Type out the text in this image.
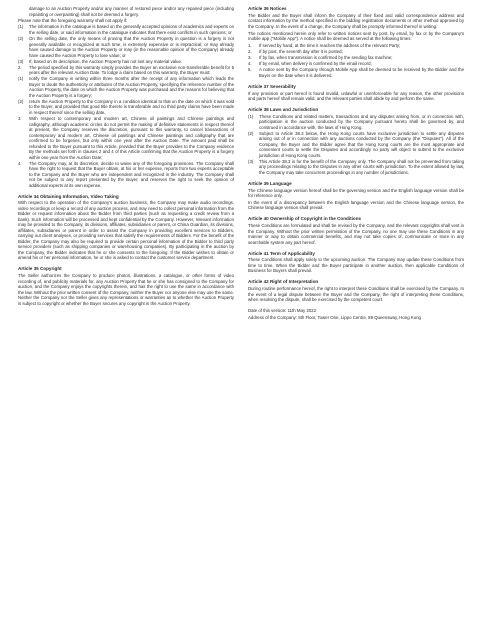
damage to an Auction Property and/or any manner of restored piece and/or any repaired piece (including repainting or overpainting) shall not be deemed a forgery.

Please note that the foregoing warranty shall not apply if:

(1)	The information in the catalogue is based on the generally accepted opinions of academics and experts on the selling date, or said information in the catalogue indicates that there exist conflicts in such opinions; or
(2)	On the selling date, the only means of proving that the Auction Property in question is a forgery is not generally available or recognized at such time, is extremely expensive or is impractical; or may already have caused damage to the Auction Property or may (in the reasonable opinion of the Company) already have caused the Auction Property to lose value; or
(3)	If, based on its description, the Auction Property has not lost any material value.
2.	The period specified by this warranty simply provides the Buyer an exclusive non-transferable benefit for 5 years after the relevant Auction Date. To lodge a claim based on this warranty, the Buyer must:
(1)	notify the Company in writing within three months after the receipt of any information which leads the Buyer to doubt the authenticity or attributes of the Auction Property, specifying the reference number of the Auction Property, the date on which the Auction Property was purchased and the reasons for believing that the Auction Property is a forgery;
(2)	return the Auction Property to the Company in a condition identical to that on the date on which it was sold to the Buyer, and provided that good title thereto is transferable and no third party claims have been made in respect thereof since the selling date.
3.	With respect to contemporary and modern art, Chinese oil paintings and Chinese paintings and calligraphy, although academic circles do not permit the making of definitive statements in respect thereof at present, the Company reserves the discretion, pursuant to this warranty, to cancel transactions of contemporary and modern art, Chinese oil paintings and Chinese paintings and calligraphy that are confirmed to be forgeries, but only within one year after the Auction Date. The amount paid shall be refunded to the Buyer pursuant to this Article, provided that the Buyer provides to the Company evidence By the methods set forth in clauses 2 and 4 of this Article confirming that the Auction Property is a forgery within one year from the Auction Date;
4.	The Company may, at its discretion, decide to waive any of the foregoing provisions. The Company shall have the right to request that the Buyer obtain, at his or her expense, reports from two experts acceptable to the Company and the Buyer who are independent and recognized in the industry. The Company shall not be subject to any report presented by the Buyer, and reserves the right to seek the opinion of additional experts at its own expense.
Article 34 Obtaining Information, Video Taking

With respect to the operation of the Company's auction business, the Company may make audio recordings, video recordings or keep a record of any auction process, and may need to collect personal information from the Bidder or request information about the Bidder from third parties (such as requesting a credit review from a bank). Such information will be processed and kept confidential by the Company. However, relevant information may be provided to the Company, its divisions, affiliates, subsidiaries or parent, or China Guardian, its divisions, affiliates, subsidiaries or parent in order to assist the Company in providing excellent services to Bidders, carrying out client analyses, or providing services that satisfy the requirements of Bidders. For the benefit of the Bidder, the Company may also be required to provide certain personal information of the Bidder to third party service providers (such as shipping companies or warehousing companies). By participating in the auction by the Company, the Bidder indicates that he or she consents to the foregoing. If the Bidder wishes to obtain or amend his or her personal information, he or she is asked to contact the customer service department.

Article 35 Copyright

The Seller authorizes the Company to produce photos, illustrations, a catalogue, or other forms of video recording of, and publicity materials for, any Auction Property that he or she has consigned to the Company for auction, and the Company enjoys the copyrights therein, and has the right to use the same in accordance with the law. Without the prior written consent of the Company, neither the Buyer nor anyone else may use the same. Neither the Company nor the Seller gives any representations or warranties as to whether the Auction Property is subject to copyright or whether the Buyer secures any copyright in the Auction Property.

Article 36 Notices

The Bidder and the Buyer shall inform the Company of their fixed and valid correspondence address and contact information by the method specified in the bidding registration documents or other method approved by the Company. In the event of a change, the Company shall be promptly informed thereof in writing.

The notices mentioned herein only refer to written notices sent by post, by email, by fax or by the Company's mobile app ("Mobile App"). A notice shall be deemed as served at the following times:

1.	If served by hand, at the time it reaches the address of the relevant Party;
2.	If by post, the seventh day after it is posted;
3.	If by fax, when transmission is confirmed by the sending fax machine;
4.	If by email, when delivery is confirmed by the email record;
5.	A notice sent by the Company through Mobile App shall be deemed to be received by the Bidder and the Buyer on the date when it is delivered.
Article 37 Severability

If any provision or part hereof is found invalid, unlawful or unenforceable for any reason, the other provisions and parts hereof shall remain valid, and the relevant parties shall abide by and perform the same.

Article 38 Laws and Jurisdiction
(1)	These Conditions and related matters, transactions and any disputes arising from, or in connection with, participation in the auction conducted by the Company pursuant hereto shall be governed by, and construed in accordance with, the laws of Hong Kong.
(2)	Subject to Article 38.3 below, the Hong Kong courts have exclusive jurisdiction to settle any disputes arising out of or in connection with any auctions conducted by the Company (the "Disputes"). All of the Company, the Buyer and the Bidder agree that the Hong Kong courts are the most appropriate and convenient courts to settle the Disputes and accordingly no party will object to submit to the exclusive jurisdiction of Hong Kong courts.
(3)	This Article 38.3 is for the benefit of the Company only. The Company shall not be prevented from taking any proceedings relating to the Disputes in any other courts with jurisdiction. To the extent allowed by law, the Company may take concurrent proceedings in any number of jurisdictions.
Article 39 Language

The Chinese language version hereof shall be the governing version and the English language version shall be for reference only.

In the event of a discrepancy between the English language version and the Chinese language version, the Chinese language version shall prevail.

Article 40 Ownership of Copyright in the Conditions

These Conditions are formulated and shall be revised by the Company, and the relevant copyrights shall vest in the Company. Without the prior written permission of the Company, no one may use these Conditions in any manner or way to obtain commercial benefits, and may not take copies of, communicate or store in any searchable system any part hereof.

Article 41 Term of Applicability

These Conditions shall apply solely to the upcoming auction. The Company may update these Conditions from time to time. When the Bidder and the Buyer participate in another auction, then applicable Conditions of Business for Buyers shall prevail.

Article 42 Right of Interpretation

During routine performance hereof, the right to interpret these Conditions shall be exercised by the Company. In the event of a legal dispute between the Buyer and the Company, the right of interpreting these Conditions, when resolving the dispute, shall be exercised by the competent court.

Date of this version: 11th May 2022

Address of the Company: 5th Floor, Tower One, Lippo Centre, 89 Queensway, Hong Kong
